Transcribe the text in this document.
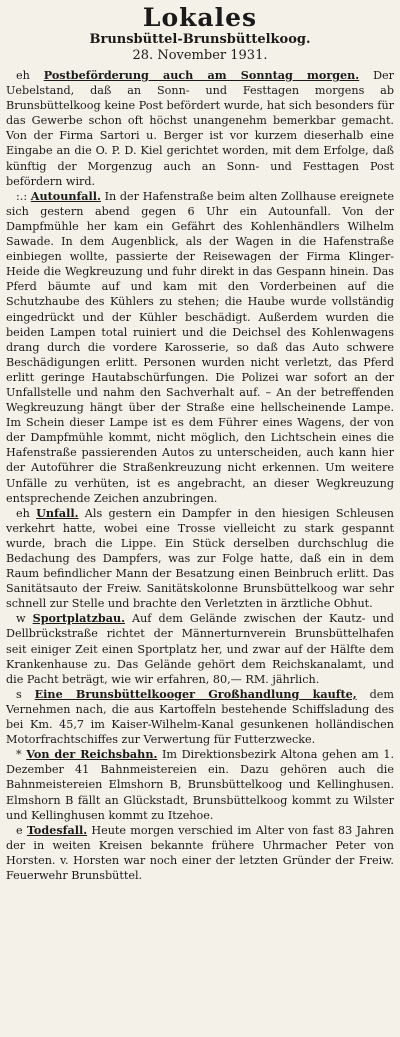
Lokales
Brunsbüttel-Brunsbüttelkoog.
28. November 1931.

eh Postbeförderung auch am Sonntag morgen. Der Uebelstand, daß an Sonn- und Festtagen morgens ab Brunsbüttelkoog keine Post befördert wurde, hat sich besonders für das Gewerbe schon oft höchst unangenehm bemerkbar gemacht. Von der Firma Sartori u. Berger ist vor kurzem dieserhalb eine Eingabe an die O. P. D. Kiel gerichtet worden, mit dem Erfolge, daß künftig der Morgenzug auch an Sonn- und Festtagen Post befördern wird.

:.: Autounfall. In der Hafenstraße beim alten Zollhause ereignete sich gestern abend gegen 6 Uhr ein Autounfall. Von der Dampfmühle her kam ein Gefährt des Kohlenhändlers Wilhelm Sawade. In dem Augenblick, als der Wagen in die Hafenstraße einbiegen wollte, passierte der Reisewagen der Firma Klinger-Heide die Wegkreuzung und fuhr direkt in das Gespann hinein. Das Pferd bäumte auf und kam mit den Vorderbeinen auf die Schutzhaube des Kühlers zu stehen; die Haube wurde vollständig eingedrückt und der Kühler beschädigt. Außerdem wurden die beiden Lampen total ruiniert und die Deichsel des Kohlenwagens drang durch die vordere Karosserie, so daß das Auto schwere Beschädigungen erlitt. Personen wurden nicht verletzt, das Pferd erlitt geringe Hautabschürfungen. Die Polizei war sofort an der Unfallstelle und nahm den Sachverhalt auf. – An der betreffenden Wegkreuzung hängt über der Straße eine hellscheinende Lampe. Im Schein dieser Lampe ist es dem Führer eines Wagens, der von der Dampfmühle kommt, nicht möglich, den Lichtschein eines die Hafenstraße passierenden Autos zu unterscheiden, auch kann hier der Autoführer die Straßenkreuzung nicht erkennen. Um weitere Unfälle zu verhüten, ist es angebracht, an dieser Wegkreuzung entsprechende Zeichen anzubringen.

eh Unfall. Als gestern ein Dampfer in den hiesigen Schleusen verkehrt hatte, wobei eine Trosse vielleicht zu stark gespannt wurde, brach die Lippe. Ein Stück derselben durchschlug die Bedachung des Dampfers, was zur Folge hatte, daß ein in dem Raum befindlicher Mann der Besatzung einen Beinbruch erlitt. Das Sanitätsauto der Freiw. Sanitätskolonne Brunsbüttelkoog war sehr schnell zur Stelle und brachte den Verletzten in ärztliche Obhut.

w Sportplatzbau. Auf dem Gelände zwischen der Kautz- und Dellbrückstraße richtet der Männerturnverein Brunsbüttelhafen seit einiger Zeit einen Sportplatz her, und zwar auf der Hälfte dem Krankenhause zu. Das Gelände gehört dem Reichskanalamt, und die Pacht beträgt, wie wir erfahren, 80,— RM. jährlich.

s Eine Brunsbüttelkooger Großhandlung kaufte, dem Vernehmen nach, die aus Kartoffeln bestehende Schiffsladung des bei Km. 45,7 im Kaiser-Wilhelm-Kanal gesunkenen holländischen Motorfrachtschiffes zur Verwertung für Futterzwecke.

* Von der Reichsbahn. Im Direktionsbezirk Altona gehen am 1. Dezember 41 Bahnmeistereien ein. Dazu gehören auch die Bahnmeistereien Elmshorn B, Brunsbüttelkoog und Kellinghusen. Elmshorn B fällt an Glückstadt, Brunsbüttelkoog kommt zu Wilster und Kellinghusen kommt zu Itzehoe.

e Todesfall. Heute morgen verschied im Alter von fast 83 Jahren der in weiten Kreisen bekannte frühere Uhrmacher Peter von Horsten. v. Horsten war noch einer der letzten Gründer der Freiw. Feuerwehr Brunsbüttel.
